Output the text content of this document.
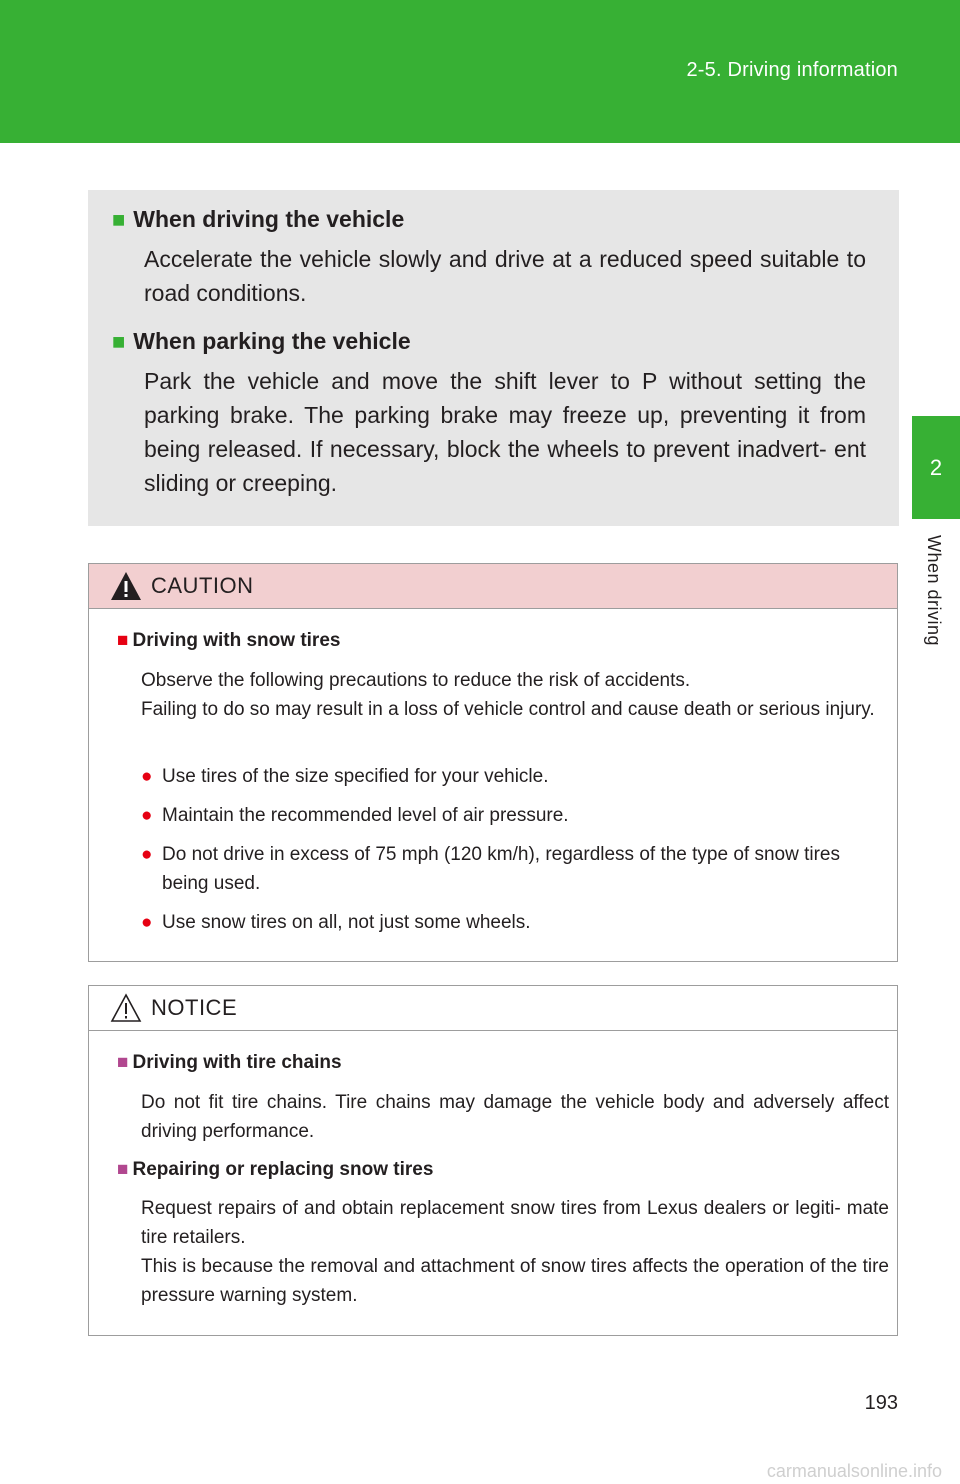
2-5. Driving information
2
When driving
■ When driving the vehicle
Accelerate the vehicle slowly and drive at a reduced speed suitable to road conditions.
■ When parking the vehicle
Park the vehicle and move the shift lever to P without setting the parking brake. The parking brake may freeze up, preventing it from being released. If necessary, block the wheels to prevent inadvert- ent sliding or creeping.
CAUTION
■ Driving with snow tires
Observe the following precautions to reduce the risk of accidents.
Failing to do so may result in a loss of vehicle control and cause death or serious injury.
● Use tires of the size specified for your vehicle.
● Maintain the recommended level of air pressure.
● Do not drive in excess of 75 mph (120 km/h), regardless of the type of snow tires being used.
● Use snow tires on all, not just some wheels.
NOTICE
■ Driving with tire chains
Do not fit tire chains. Tire chains may damage the vehicle body and adversely affect driving performance.
■ Repairing or replacing snow tires
Request repairs of and obtain replacement snow tires from Lexus dealers or legiti- mate tire retailers.
This is because the removal and attachment of snow tires affects the operation of the tire pressure warning system.
193
carmanualsonline.info
